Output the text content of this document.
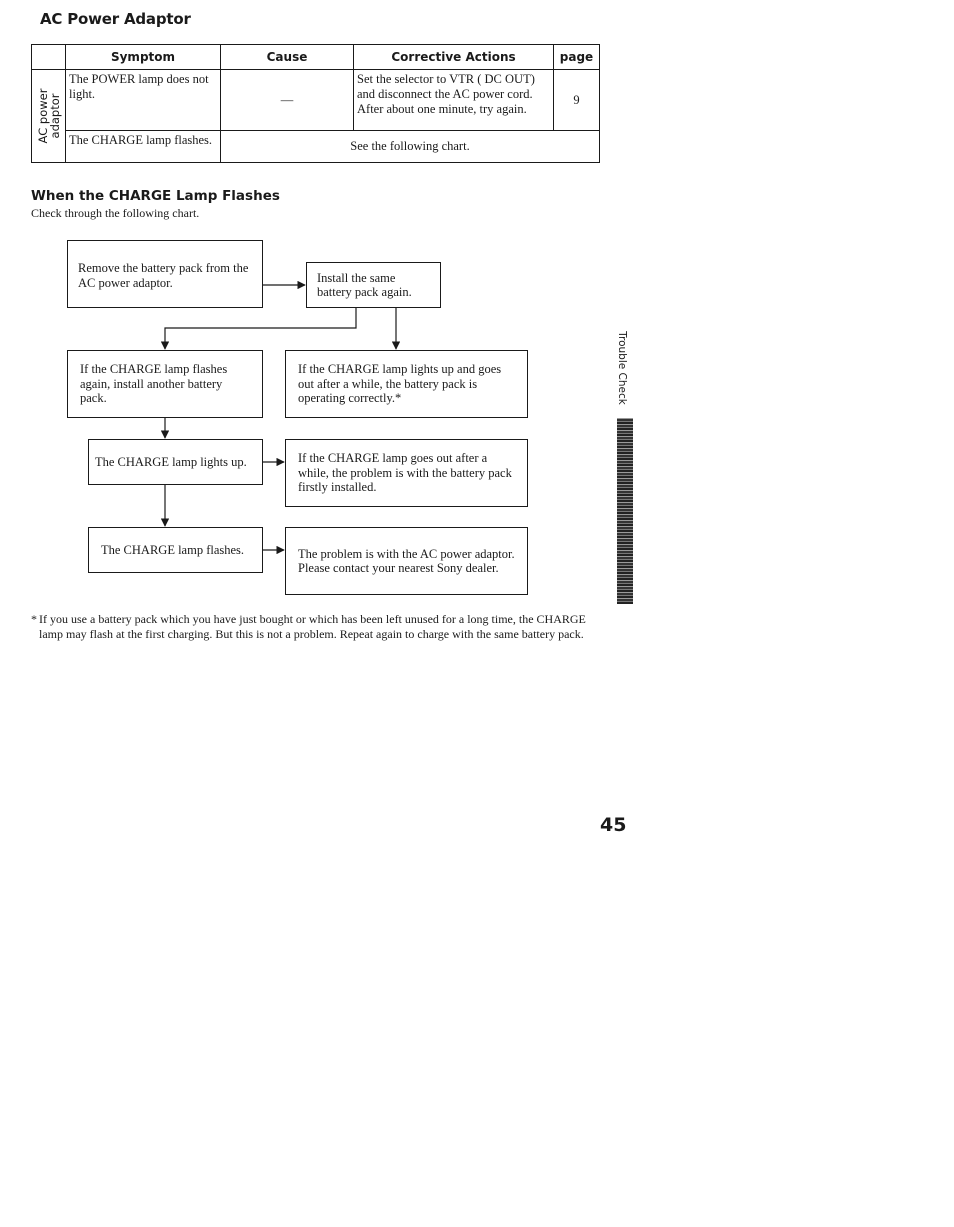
AC Power Adaptor
	Symptom	Cause	Corrective Actions	page

AC power adaptor	The POWER lamp does not light.	—	Set the selector to VTR ( DC OUT) and disconnect the AC power cord. After about one minute, try again.	9

	The CHARGE lamp flashes.	See the following chart.		
When the CHARGE Lamp Flashes
Check through the following chart.
Remove the battery pack from the AC power adaptor.	Install the same battery pack again.
If the CHARGE lamp flashes again, install another battery pack.
If the CHARGE lamp lights up and goes out after a while, the battery pack is operating correctly.*
The CHARGE lamp lights up.	If the CHARGE lamp goes out after a while, the problem is with the battery pack firstly installed.
The CHARGE lamp flashes.	The problem is with the AC power adaptor.
Please contact your nearest Sony dealer.
* If you use a battery pack which you have just bought or which has been left unused for a long time, the CHARGE lamp may flash at the first charging. But this is not a problem. Repeat again to charge with the same battery pack.
Trouble Check
45
